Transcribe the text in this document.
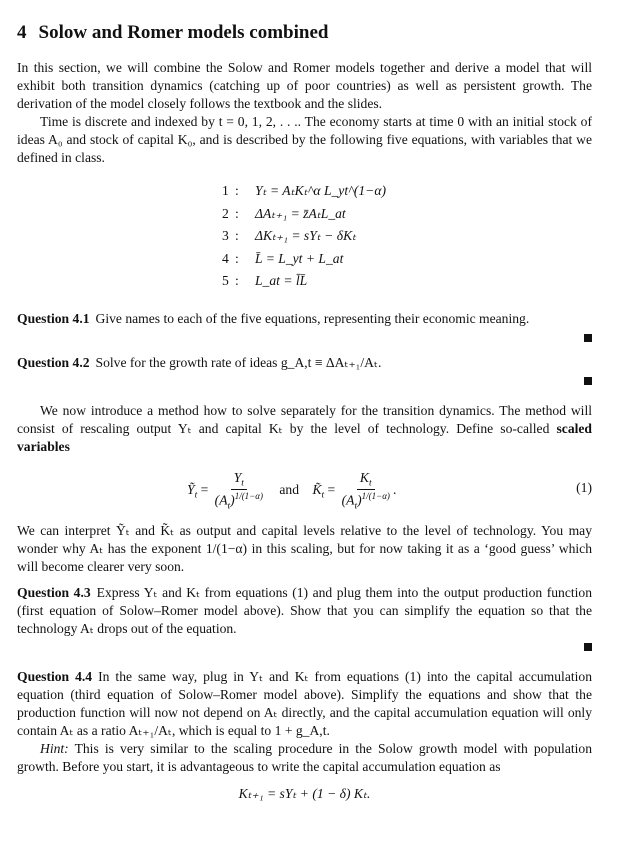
4 Solow and Romer models combined

In this section, we will combine the Solow and Romer models together and derive a model that will exhibit both transition dynamics (catching up of poor countries) as well as persistent growth. The derivation of the model closely follows the textbook and the slides.

Time is discrete and indexed by t = 0, 1, 2, . . .. The economy starts at time 0 with an initial stock of ideas A₀ and stock of capital K₀, and is described by the following five equations, with variables that we defined in class.

1 : Yₜ = AₜKₜ^α L_yt^(1−α)
2 : ΔAₜ₊₁ = z̄AₜL_at
3 : ΔKₜ₊₁ = sYₜ − δKₜ
4 : L̄ = L_yt + L_at
5 : L_at = l̄L̄

Question 4.1 Give names to each of the five equations, representing their economic meaning.

Question 4.2 Solve for the growth rate of ideas g_A,t ≡ ΔAₜ₊₁/Aₜ.

We now introduce a method how to solve separately for the transition dynamics. The method will consist of rescaling output Yₜ and capital Kₜ by the level of technology. Define so-called scaled variables

Ỹ$_t$ = $\frac{Y_t}{(A_t)^{1/(1-\alpha)}}$ and $K̃_t = \frac{K_t}{(A_t)^{1/(1-\alpha)}}$ .	(1)

We can interpret Ỹₜ and K̃ₜ as output and capital levels relative to the level of technology. You may wonder why Aₜ has the exponent 1/(1−α) in this scaling, but for now taking it as a ‘good guess’ which will become clearer very soon.

Question 4.3 Express Yₜ and Kₜ from equations (1) and plug them into the output production function (first equation of Solow–Romer model above). Show that you can simplify the equation so that the technology Aₜ drops out of the equation.

Question 4.4 In the same way, plug in Yₜ and Kₜ from equations (1) into the capital accumulation equation (third equation of Solow–Romer model above). Simplify the equations and show that the production function will now not depend on Aₜ directly, and the capital accumulation equation will only contain Aₜ as a ratio Aₜ₊₁/Aₜ, which is equal to 1 + g_A,t.

Hint: This is very similar to the scaling procedure in the Solow growth model with population growth. Before you start, it is advantageous to write the capital accumulation equation as

Kₜ₊₁ = sYₜ + (1 − δ) Kₜ.
